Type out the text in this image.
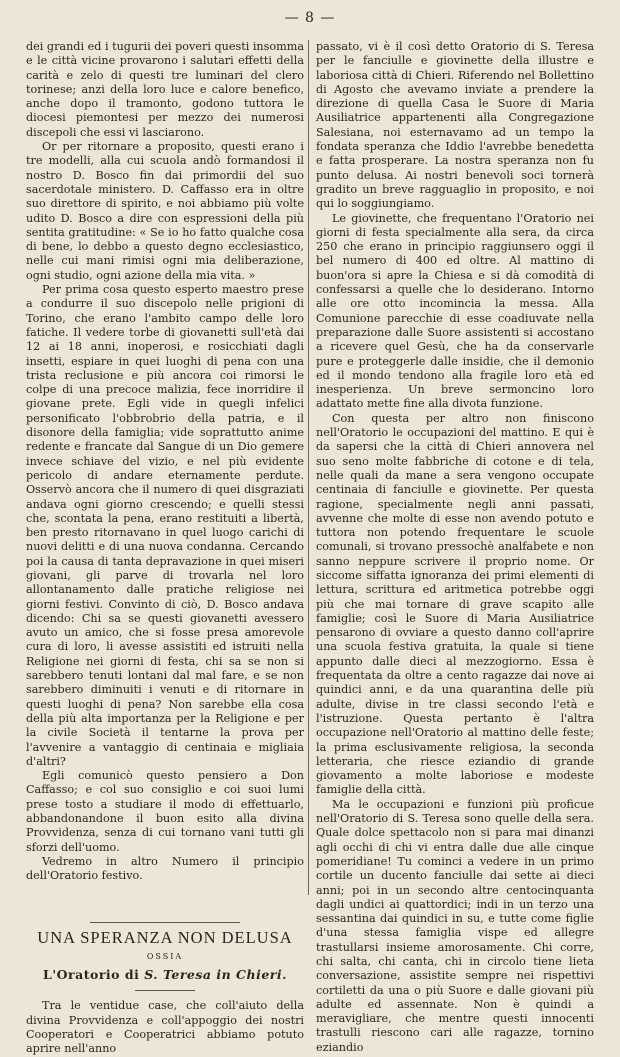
— 8 —

dei grandi ed i tugurii dei poveri questi insomma e le città vicine provarono i salutari effetti della carità e zelo di questi tre luminari del clero torinese; anzi della loro luce e calore benefico, anche dopo il tramonto, godono tuttora le diocesi piemontesi per mezzo dei numerosi discepoli che essi vi lasciarono.

Or per ritornare a proposito, questi erano i tre modelli, alla cui scuola andò formandosi il nostro D. Bosco fin dai primordii del suo sacerdotale ministero. D. Caffasso era in oltre suo direttore di spirito, e noi abbiamo più volte udito D. Bosco a dire con espressioni della più sentita gratitudine: « Se io ho fatto qualche cosa di bene, lo debbo a questo degno ecclesiastico, nelle cui mani rimisi ogni mia deliberazione, ogni studio, ogni azione della mia vita. »

Per prima cosa questo esperto maestro prese a condurre il suo discepolo nelle prigioni di Torino, che erano l'ambito campo delle loro fatiche. Il vedere torbe di giovanetti sull'età dai 12 ai 18 anni, inoperosi, e rosicchiati dagli insetti, espiare in quei luoghi di pena con una trista reclusione e più ancora coi rimorsi le colpe di una precoce malizia, fece inorridire il giovane prete. Egli vide in quegli infelici personificato l'obbrobrio della patria, e il disonore della famiglia; vide soprattutto anime redente e francate dal Sangue di un Dio gemere invece schiave del vizio, e nel più evidente pericolo di andare eternamente perdute. Osservò ancora che il numero di quei disgraziati andava ogni giorno crescendo; e quelli stessi che, scontata la pena, erano restituiti a libertà, ben presto ritornavano in quel luogo carichi di nuovi delitti e di una nuova condanna. Cercando poi la causa di tanta depravazione in quei miseri giovani, gli parve di trovarla nel loro allontanamento dalle pratiche religiose nei giorni festivi. Convinto di ciò, D. Bosco andava dicendo: Chi sa se questi giovanetti avessero avuto un amico, che si fosse presa amorevole cura di loro, li avesse assistiti ed istruiti nella Religione nei giorni di festa, chi sa se non si sarebbero tenuti lontani dal mal fare, e se non sarebbero diminuiti i venuti e di ritornare in questi luoghi di pena? Non sarebbe ella cosa della più alta importanza per la Religione e per la civile Società il tentarne la prova per l'avvenire a vantaggio di centinaia e migliaia d'altri?

Egli comunicò questo pensiero a Don Caffasso; e col suo consiglio e coi suoi lumi prese tosto a studiare il modo di effettuarlo, abbandonandone il buon esito alla divina Provvidenza, senza di cui tornano vani tutti gli sforzi dell'uomo.

Vedremo in altro Numero il principio dell'Oratorio festivo.

UNA SPERANZA NON DELUSA
OSSIA
L'Oratorio di S. Teresa in Chieri.

Tra le ventidue case, che coll'aiuto della divina Provvidenza e coll'appoggio dei nostri Cooperatori e Cooperatrici abbiamo potuto aprire nell'anno

passato, vi è il così detto Oratorio di S. Teresa per le fanciulle e giovinette della illustre e laboriosa città di Chieri. Riferendo nel Bollettino di Agosto che avevamo inviate a prendere la direzione di quella Casa le Suore di Maria Ausiliatrice appartenenti alla Congregazione Salesiana, noi esternavamo ad un tempo la fondata speranza che Iddio l'avrebbe benedetta e fatta prosperare. La nostra speranza non fu punto delusa. Ai nostri benevoli soci tornerà gradito un breve ragguaglio in proposito, e noi qui lo soggiungiamo.

Le giovinette, che frequentano l'Oratorio nei giorni di festa specialmente alla sera, da circa 250 che erano in principio raggiunsero oggi il bel numero di 400 ed oltre. Al mattino di buon'ora si apre la Chiesa e si dà comodità di confessarsi a quelle che lo desiderano. Intorno alle ore otto incomincia la messa. Alla Comunione parecchie di esse coadiuvate nella preparazione dalle Suore assistenti si accostano a ricevere quel Gesù, che ha da conservarle pure e proteggerle dalle insidie, che il demonio ed il mondo tendono alla fragile loro età ed inesperienza. Un breve sermoncino loro adattato mette fine alla divota funzione.

Con questa per altro non finiscono nell'Oratorio le occupazioni del mattino. E qui è da sapersi che la città di Chieri annovera nel suo seno molte fabbriche di cotone e di tela, nelle quali da mane a sera vengono occupate centinaia di fanciulle e giovinette. Per questa ragione, specialmente negli anni passati, avvenne che molte di esse non avendo potuto e tuttora non potendo frequentare le scuole comunali, si trovano pressochè analfabete e non sanno neppure scrivere il proprio nome. Or siccome siffatta ignoranza dei primi elementi di lettura, scrittura ed aritmetica potrebbe oggi più che mai tornare di grave scapito alle famiglie; così le Suore di Maria Ausiliatrice pensarono di ovviare a questo danno coll'aprire una scuola festiva gratuita, la quale si tiene appunto dalle dieci al mezzogiorno. Essa è frequentata da oltre a cento ragazze dai nove ai quindici anni, e da una quarantina delle più adulte, divise in tre classi secondo l'età e l'istruzione. Questa pertanto è l'altra occupazione nell'Oratorio al mattino delle feste; la prima esclusivamente religiosa, la seconda letteraria, che riesce eziandio di grande giovamento a molte laboriose e modeste famiglie della città.

Ma le occupazioni e funzioni più proficue nell'Oratorio di S. Teresa sono quelle della sera. Quale dolce spettacolo non si para mai dinanzi agli occhi di chi vi entra dalle due alle cinque pomeridiane! Tu cominci a vedere in un primo cortile un ducento fanciulle dai sette ai dieci anni; poi in un secondo altre centocinquanta dagli undici ai quattordici; indi in un terzo una sessantina dai quindici in su, e tutte come figlie d'una stessa famiglia vispe ed allegre trastullarsi insieme amorosamente. Chi corre, chi salta, chi canta, chi in circolo tiene lieta conversazione, assistite sempre nei rispettivi cortiletti da una o più Suore e dalle giovani più adulte ed assennate. Non è quindi a meravigliare, che mentre questi innocenti trastulli riescono cari alle ragazze, tornino eziandio
